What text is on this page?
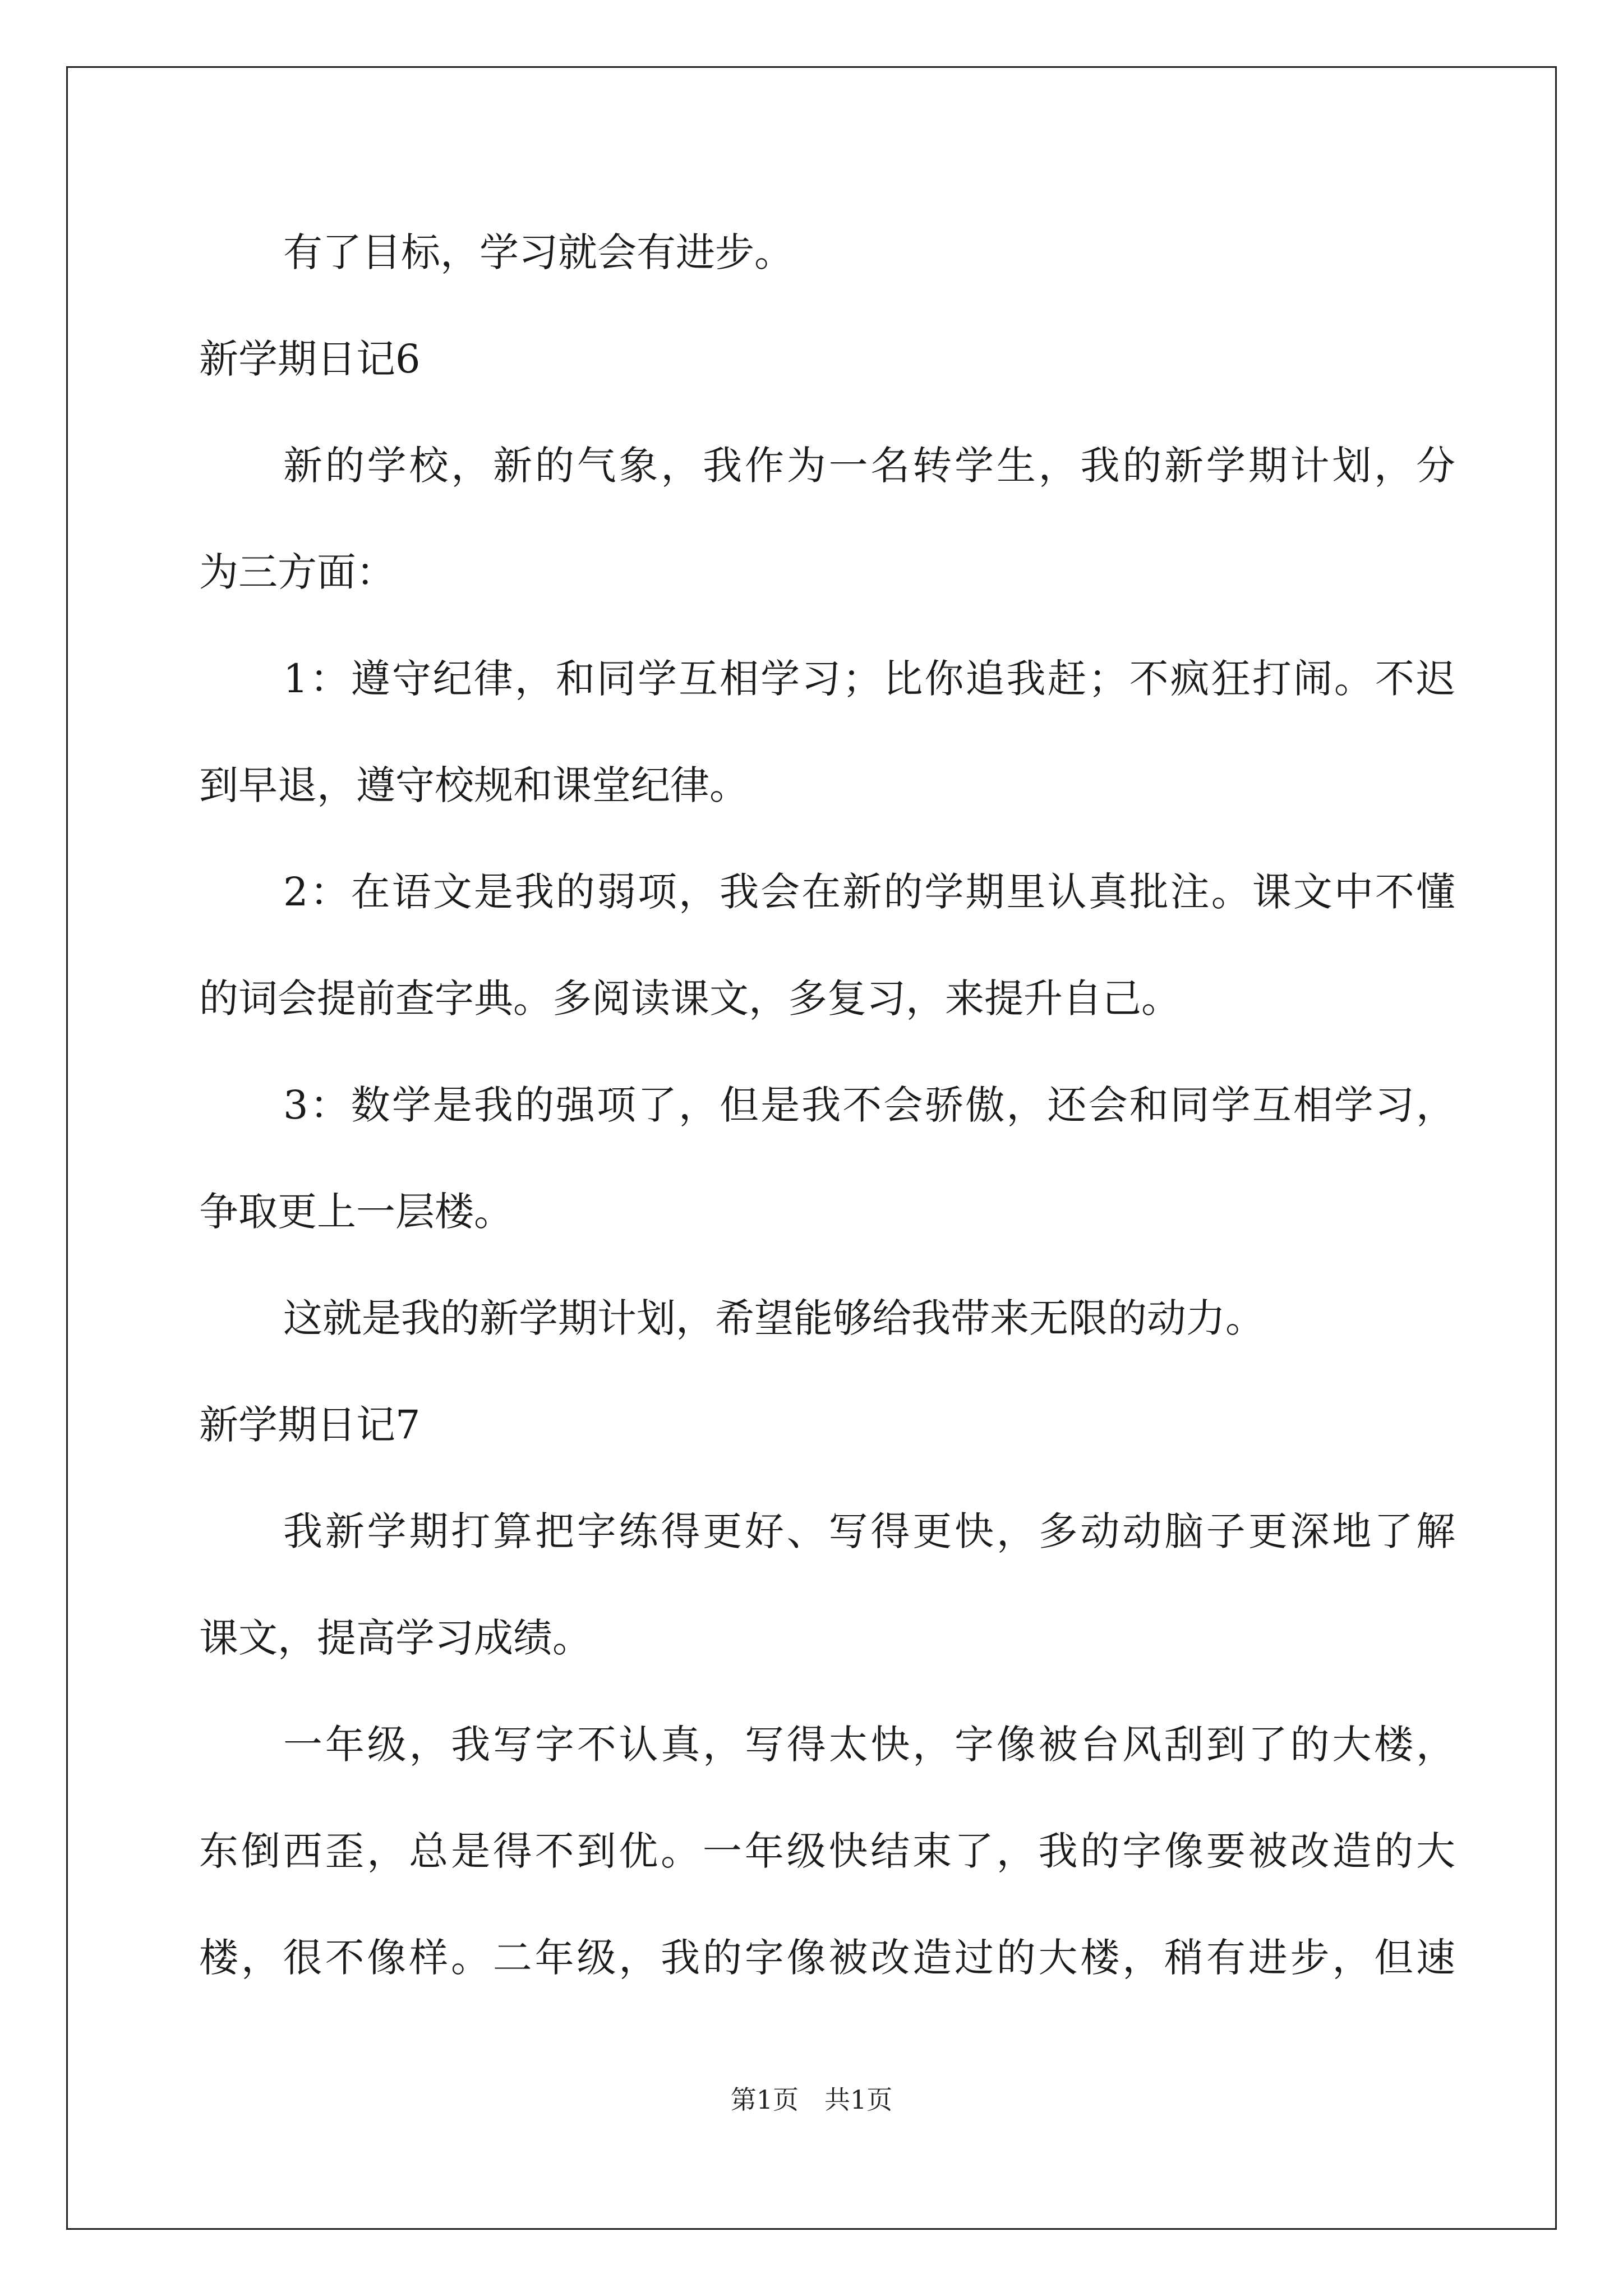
有了目标，学习就会有进步。
新学期日记6
新的学校，新的气象，我作为一名转学生，我的新学期计划，分
为三方面：
1：遵守纪律，和同学互相学习；比你追我赶；不疯狂打闹。不迟
到早退，遵守校规和课堂纪律。
2：在语文是我的弱项，我会在新的学期里认真批注。课文中不懂
的词会提前查字典。多阅读课文，多复习，来提升自己。
3：数学是我的强项了，但是我不会骄傲，还会和同学互相学习，
争取更上一层楼。
这就是我的新学期计划，希望能够给我带来无限的动力。
新学期日记7
我新学期打算把字练得更好、写得更快，多动动脑子更深地了解
课文，提高学习成绩。
一年级，我写字不认真，写得太快，字像被台风刮到了的大楼，
东倒西歪，总是得不到优。一年级快结束了，我的字像要被改造的大
楼，很不像样。二年级，我的字像被改造过的大楼，稍有进步，但速
第1页　共1页
